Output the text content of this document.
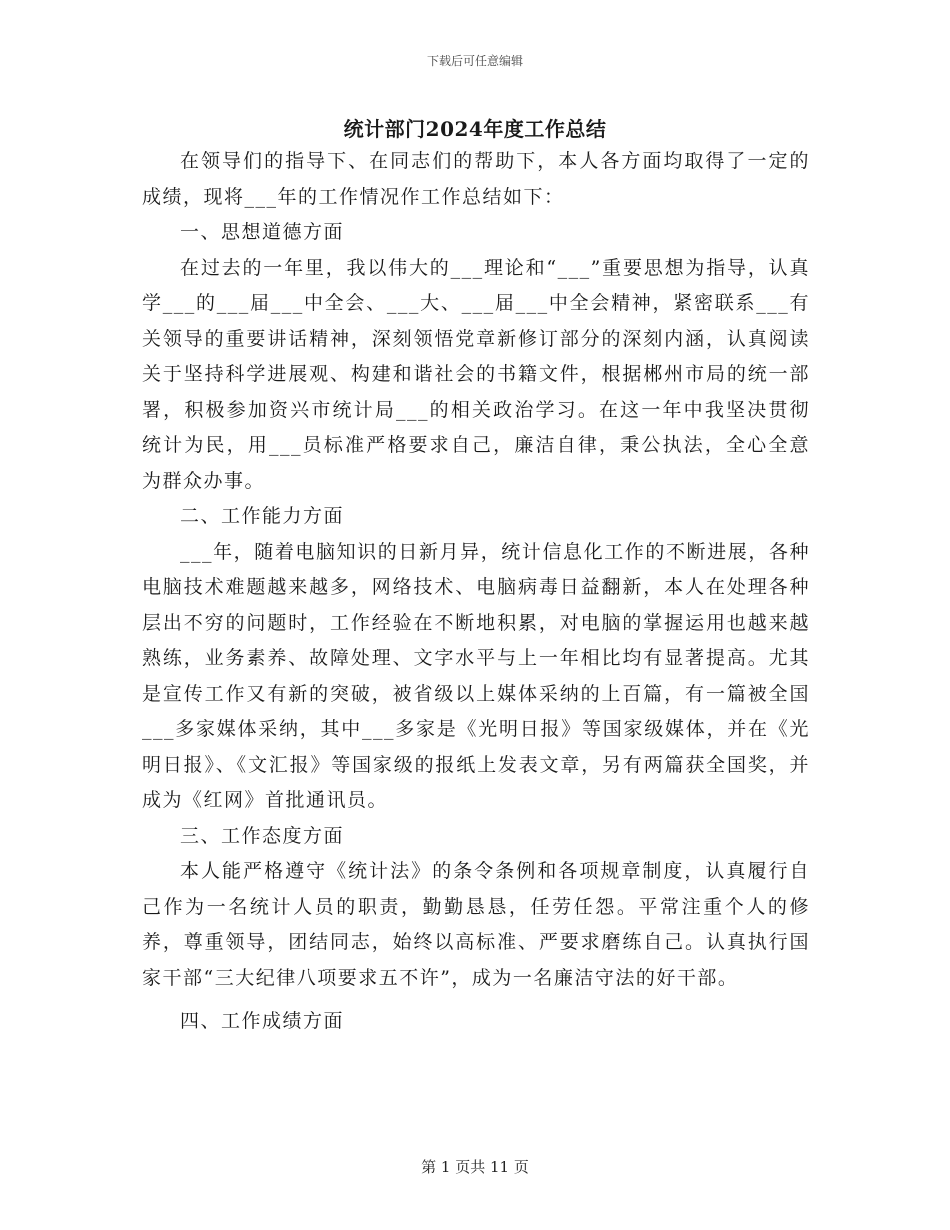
下载后可任意编辑
统计部门2024年度工作总结

在领导们的指导下、在同志们的帮助下，本人各方面均取得了一定的成绩，现将___年的工作情况作工作总结如下：

一、思想道德方面

在过去的一年里，我以伟大的___理论和“___”重要思想为指导，认真学___的___届___中全会、___大、___届___中全会精神，紧密联系___有关领导的重要讲话精神，深刻领悟党章新修订部分的深刻内涵，认真阅读关于坚持科学进展观、构建和谐社会的书籍文件，根据郴州市局的统一部署，积极参加资兴市统计局___的相关政治学习。在这一年中我坚决贯彻统计为民，用___员标准严格要求自己，廉洁自律，秉公执法，全心全意为群众办事。

二、工作能力方面

___年，随着电脑知识的日新月异，统计信息化工作的不断进展，各种电脑技术难题越来越多，网络技术、电脑病毒日益翻新，本人在处理各种层出不穷的问题时，工作经验在不断地积累，对电脑的掌握运用也越来越熟练，业务素养、故障处理、文字水平与上一年相比均有显著提高。尤其是宣传工作又有新的突破，被省级以上媒体采纳的上百篇，有一篇被全国___多家媒体采纳，其中___多家是《光明日报》等国家级媒体，并在《光明日报》、《文汇报》等国家级的报纸上发表文章，另有两篇获全国奖，并成为《红网》首批通讯员。

三、工作态度方面

本人能严格遵守《统计法》的条令条例和各项规章制度，认真履行自己作为一名统计人员的职责，勤勤恳恳，任劳任怨。平常注重个人的修养，尊重领导，团结同志，始终以高标准、严要求磨练自己。认真执行国家干部“三大纪律八项要求五不许”，成为一名廉洁守法的好干部。

四、工作成绩方面

第 1 页共 11 页
